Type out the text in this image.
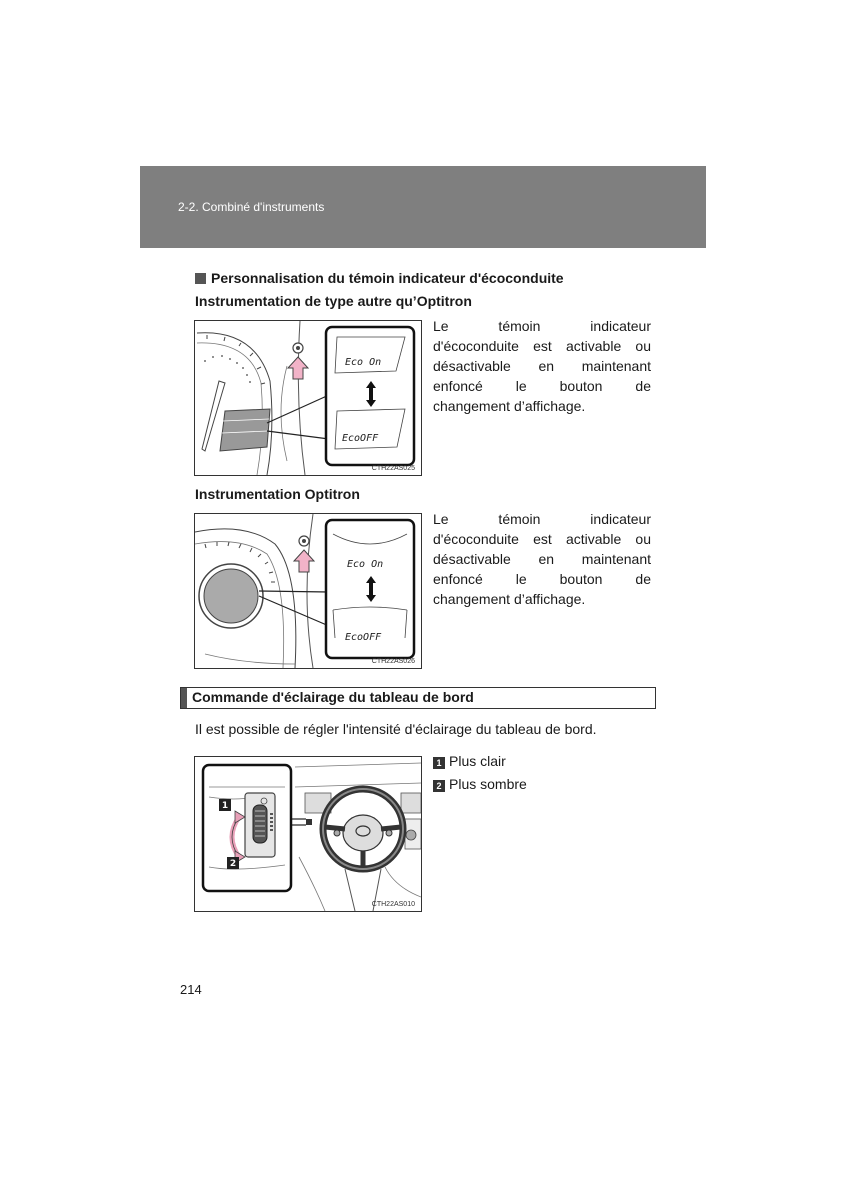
2-2. Combiné d'instruments
Personnalisation du témoin indicateur d'écoconduite
Instrumentation de type autre qu’Optitron
Eco On
EcoOFF
CTH22AS025
Le témoin indicateur
d'écoconduite est activable ou
désactivable en maintenant
enfoncé le bouton de
changement d’affichage.
Instrumentation Optitron
Eco On
EcoOFF
CTH22AS026
Le témoin indicateur
d'écoconduite est activable ou
désactivable en maintenant
enfoncé le bouton de
changement d’affichage.
Commande d'éclairage du tableau de bord
Il est possible de régler l'intensité d'éclairage du tableau de bord.
1
2
CTH22AS010
1 Plus clair
2 Plus sombre
214
